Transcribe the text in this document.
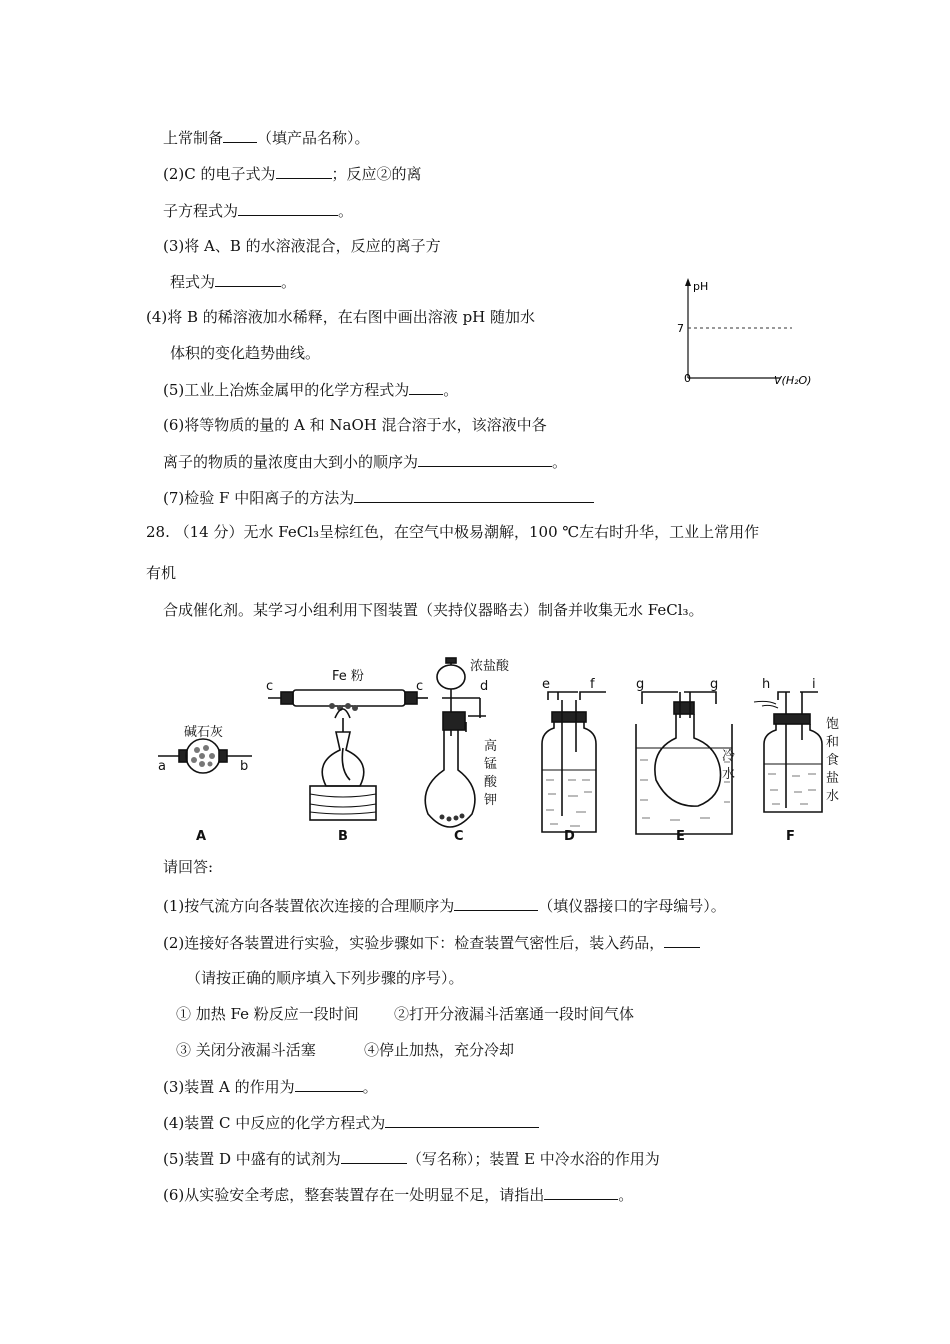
上常制备 （填产品名称）。
(2)C 的电子式为	；反应②的离
子方程式为	。
(3)将 A、B 的水溶液混合，反应的离子方
程式为	。
(4)将 B 的稀溶液加水稀释，在右图中画出溶液 pH 随加水
体积的变化趋势曲线。
(5)工业上冶炼金属甲的化学方程式为 。
(6)将等物质的量的 A 和 NaOH 混合溶于水，该溶液中各
离子的物质的量浓度由大到小的顺序为	。
(7)检验 F 中阳离子的方法为
pH
7
0	V(H₂O)
28. （14 分）无水 FeCl₃呈棕红色，在空气中极易潮解，100 ℃左右时升华，工业上常用作
有机
合成催化剂。某学习小组利用下图装置（夹持仪器略去）制备并收集无水 FeCl₃。
碱石灰
a	b
Fe 粉
c	c
浓盐酸
d
高
锰
酸
钾
e	f	g	g
冷
水
h	i
饱
和
食
盐
水
A	B	C	D	E	F
请回答:
(1)按气流方向各装置依次连接的合理顺序为	（填仪器接口的字母编号）。
(2)连接好各装置进行实验，实验步骤如下：检查装置气密性后，装入药品，
（请按正确的顺序填入下列步骤的序号）。
① 加热 Fe 粉反应一段时间 ②打开分液漏斗活塞通一段时间气体
③ 关闭分液漏斗活塞	④停止加热，充分冷却
(3)装置 A 的作用为	。
(4)装置 C 中反应的化学方程式为
(5)装置 D 中盛有的试剂为	（写名称）；装置 E 中冷水浴的作用为
(6)从实验安全考虑，整套装置存在一处明显不足，请指出	。
